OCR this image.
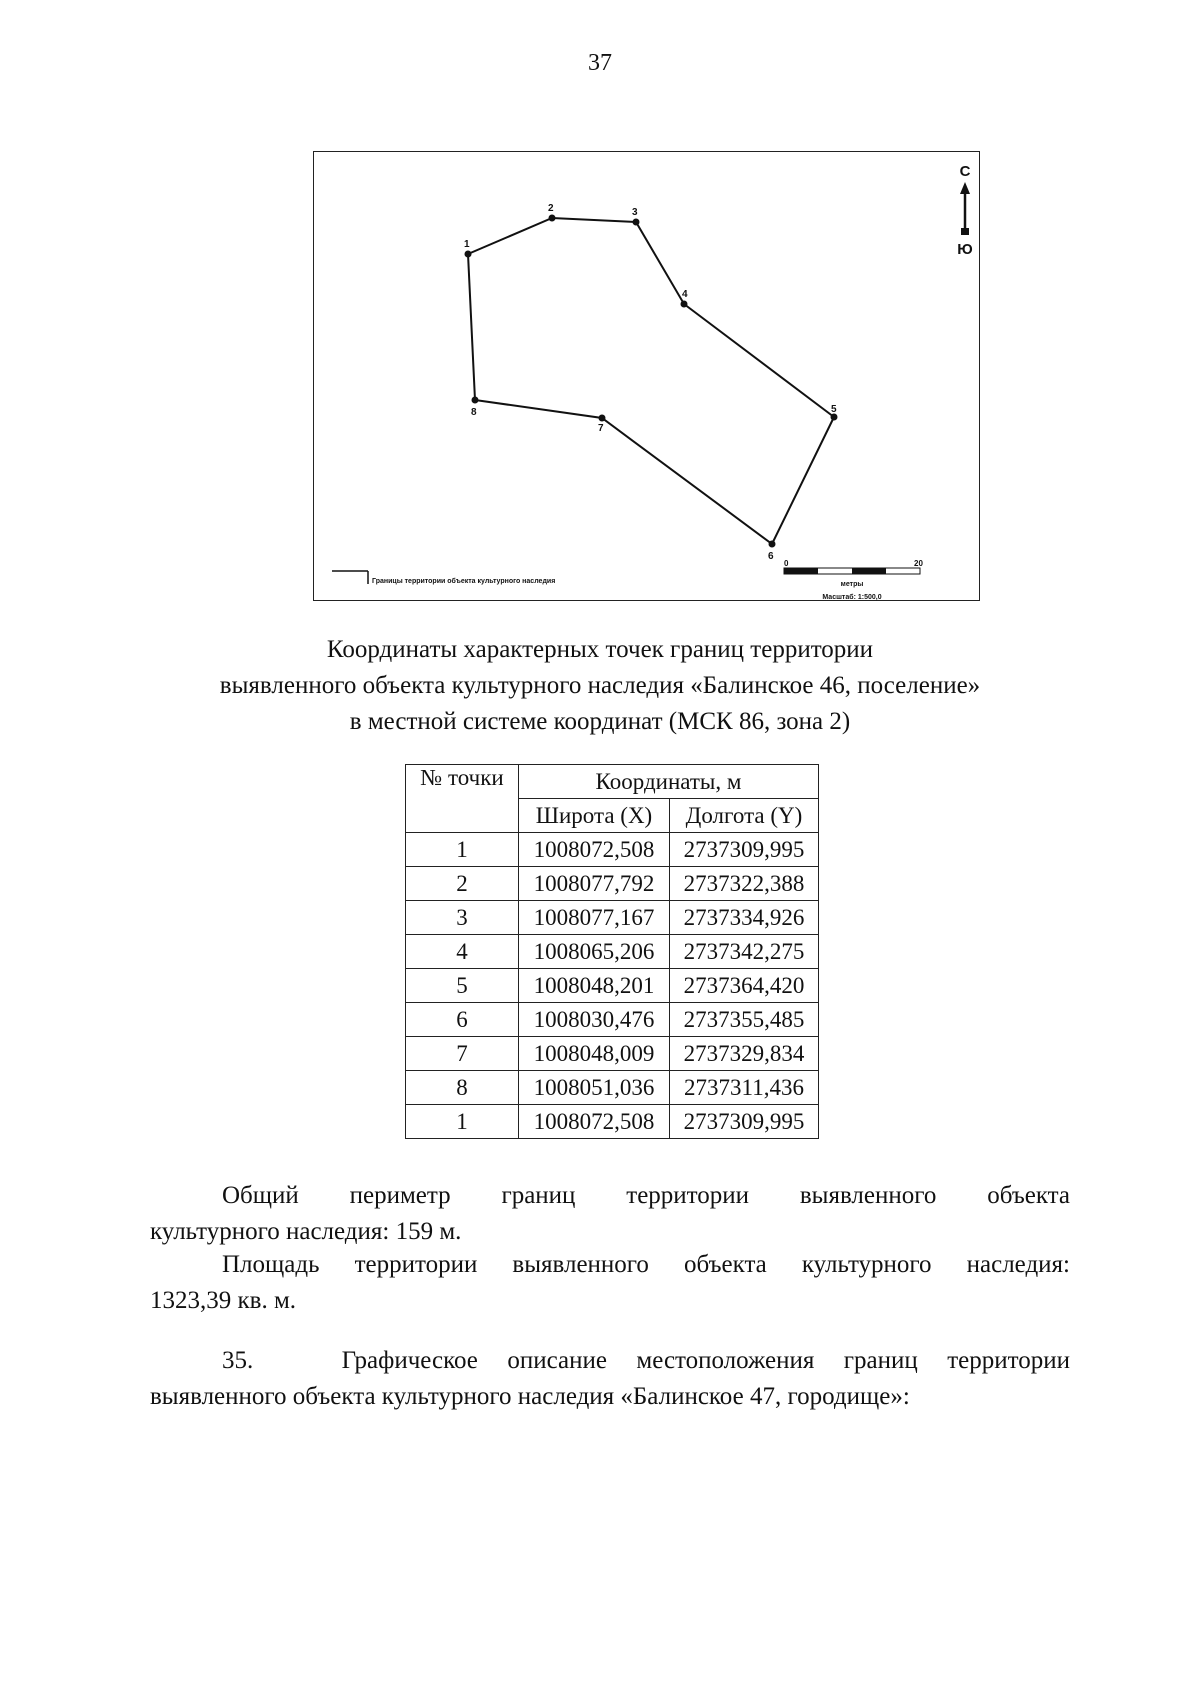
37
1
2	3
4
5
6
7
8
С
Ю
Границы территории объекта культурного наследия
0	20
метры
Масштаб: 1:500,0
Координаты характерных точек границ территории
выявленного объекта культурного наследия «Балинское 46, поселение»
в местной системе координат (МСК 86, зона 2)
№ точки	Координаты, м	
	Широта (X)	Долгота (Y)
1	1008072,508	2737309,995
2	1008077,792	2737322,388
3	1008077,167	2737334,926
4	1008065,206	2737342,275
5	1008048,201	2737364,420
6	1008030,476	2737355,485
7	1008048,009	2737329,834
8	1008051,036	2737311,436
1	1008072,508	2737309,995
Общий периметр границ территории выявленного объекта
культурного наследия: 159 м.
Площадь территории выявленного объекта культурного наследия:
1323,39 кв. м.
35.   Графическое описание местоположения границ территории
выявленного объекта культурного наследия «Балинское 47, городище»:
